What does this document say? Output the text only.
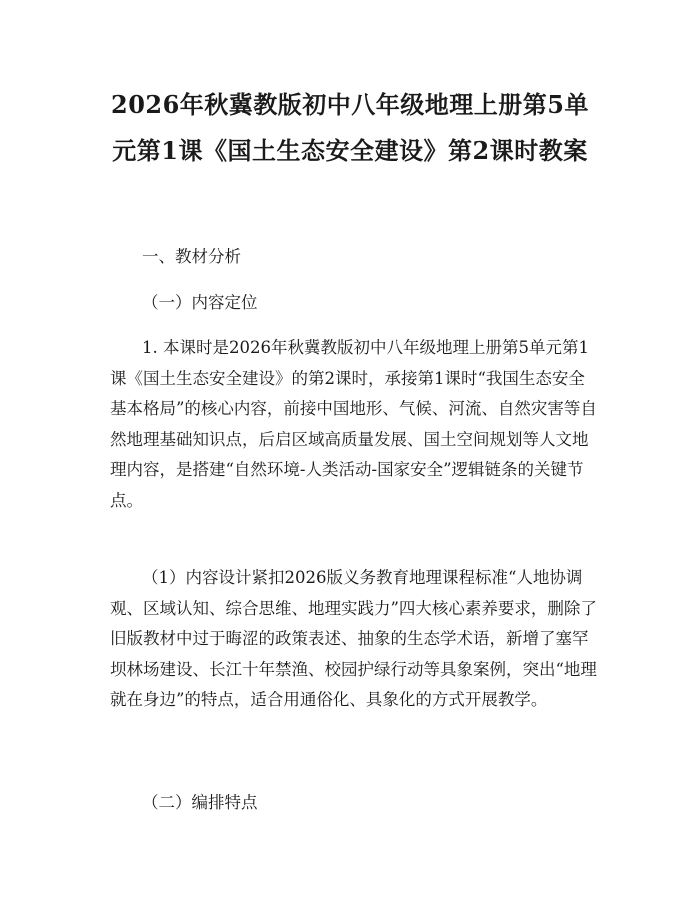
2026年秋冀教版初中八年级地理上册第5单元第1课《国土生态安全建设》第2课时教案
一、教材分析
（一）内容定位

1. 本课时是2026年秋冀教版初中八年级地理上册第5单元第1课《国土生态安全建设》的第2课时，承接第1课时“我国生态安全基本格局”的核心内容，前接中国地形、气候、河流、自然灾害等自然地理基础知识点，后启区域高质量发展、国土空间规划等人文地理内容，是搭建“自然环境-人类活动-国家安全”逻辑链条的关键节点。

（1）内容设计紧扣2026版义务教育地理课程标准“人地协调观、区域认知、综合思维、地理实践力”四大核心素养要求，删除了旧版教材中过于晦涩的政策表述、抽象的生态学术语，新增了塞罕坝林场建设、长江十年禁渔、校园护绿行动等具象案例，突出“地理就在身边”的特点，适合用通俗化、具象化的方式开展教学。

（二）编排特点
